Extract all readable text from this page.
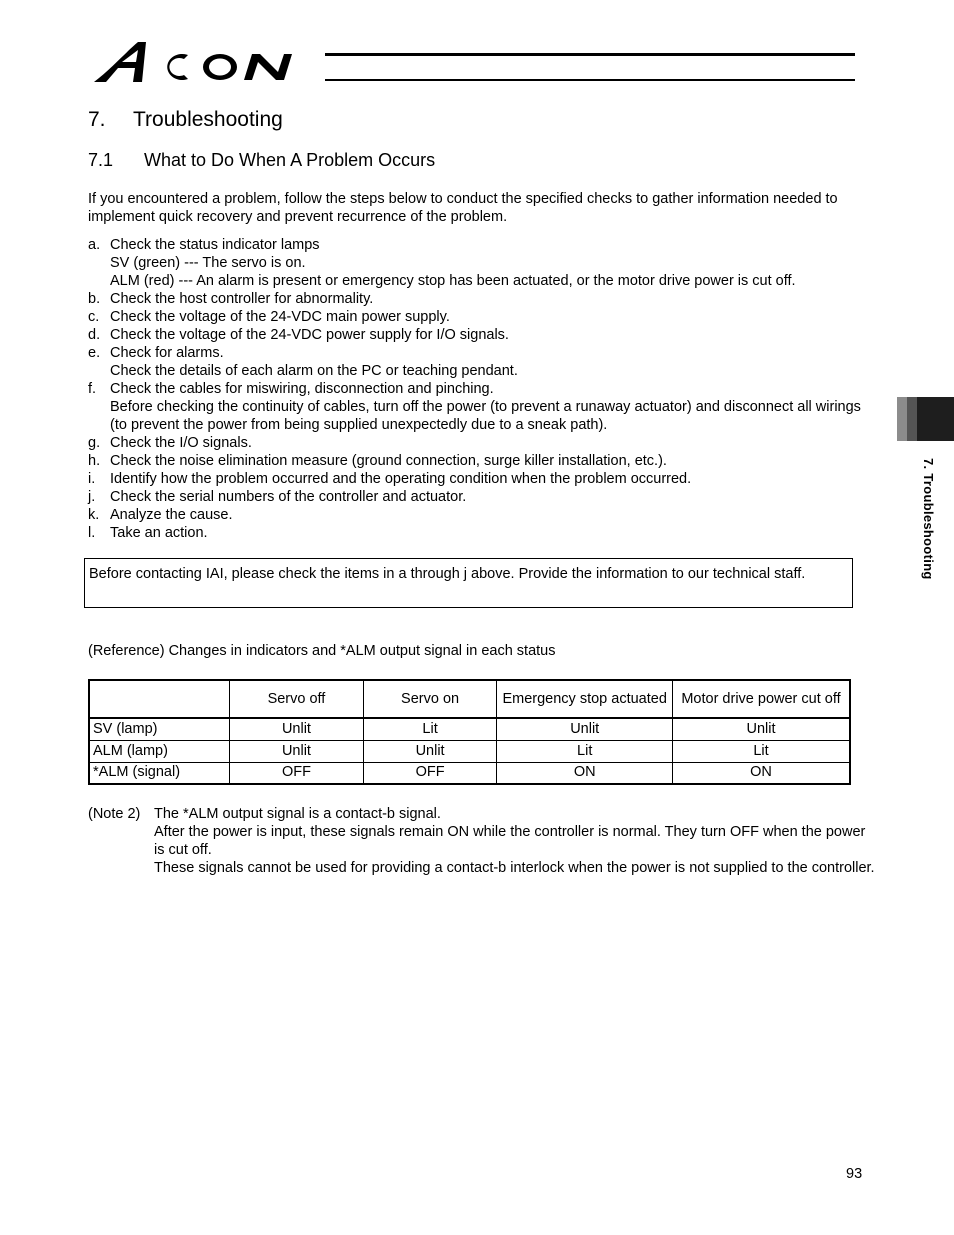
7. Troubleshooting
7.1 What to Do When A Problem Occurs
If you encountered a problem, follow the steps below to conduct the specified checks to gather information needed to implement quick recovery and prevent recurrence of the problem.
a. Check the status indicator lamps
SV (green) --- The servo is on.
ALM (red) --- An alarm is present or emergency stop has been actuated, or the motor drive power is cut off.
b. Check the host controller for abnormality.
c. Check the voltage of the 24-VDC main power supply.
d. Check the voltage of the 24-VDC power supply for I/O signals.
e. Check for alarms.
Check the details of each alarm on the PC or teaching pendant.
f. Check the cables for miswiring, disconnection and pinching.
Before checking the continuity of cables, turn off the power (to prevent a runaway actuator) and disconnect all wirings (to prevent the power from being supplied unexpectedly due to a sneak path).
g. Check the I/O signals.
h. Check the noise elimination measure (ground connection, surge killer installation, etc.).
i. Identify how the problem occurred and the operating condition when the problem occurred.
j. Check the serial numbers of the controller and actuator.
k. Analyze the cause.
l. Take an action.
Before contacting IAI, please check the items in a through j above. Provide the information to our technical staff.
(Reference) Changes in indicators and *ALM output signal in each status
	Servo off	Servo on	Emergency stop actuated	Motor drive power cut off
SV (lamp)	Unlit	Lit	Unlit	Unlit
ALM (lamp)	Unlit	Unlit	Lit	Lit
*ALM (signal)	OFF	OFF	ON	ON
(Note 2) The *ALM output signal is a contact-b signal.
After the power is input, these signals remain ON while the controller is normal. They turn OFF when the power is cut off.
These signals cannot be used for providing a contact-b interlock when the power is not supplied to the controller.
7. Troubleshooting
93
